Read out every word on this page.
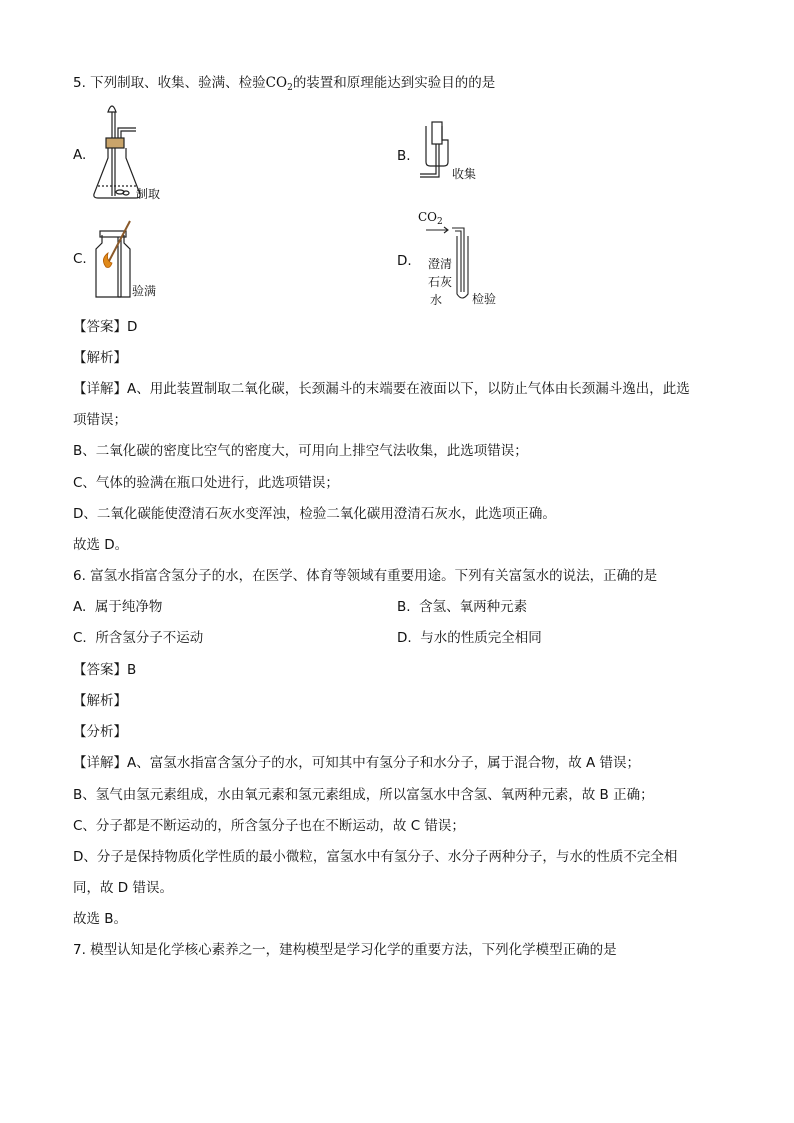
5. 下列制取、收集、验满、检验$CO_2$的装置和原理能达到实验目的的是
A.
制取
B.
收集
C.
验满
D.
$CO_2$
澄清
石灰
水	检验
【答案】D
【解析】
【详解】A、用此装置制取二氧化碳，长颈漏斗的末端要在液面以下，以防止气体由长颈漏斗逸出，此选
项错误；
B、二氧化碳的密度比空气的密度大，可用向上排空气法收集，此选项错误；
C、气体的验满在瓶口处进行，此选项错误；
D、二氧化碳能使澄清石灰水变浑浊，检验二氧化碳用澄清石灰水，此选项正确。
故选 D。
6. 富氢水指富含氢分子的水，在医学、体育等领域有重要用途。下列有关富氢水的说法，正确的是
A. 属于纯净物	B. 含氢、氧两种元素
C. 所含氢分子不运动	D. 与水的性质完全相同
【答案】B
【解析】
【分析】
【详解】A、富氢水指富含氢分子的水，可知其中有氢分子和水分子，属于混合物，故 A 错误；
B、氢气由氢元素组成，水由氧元素和氢元素组成，所以富氢水中含氢、氧两种元素，故 B 正确；
C、分子都是不断运动的，所含氢分子也在不断运动，故 C 错误；
D、分子是保持物质化学性质的最小微粒，富氢水中有氢分子、水分子两种分子，与水的性质不完全相
同，故 D 错误。
故选 B。
7. 模型认知是化学核心素养之一，建构模型是学习化学的重要方法，下列化学模型正确的是
